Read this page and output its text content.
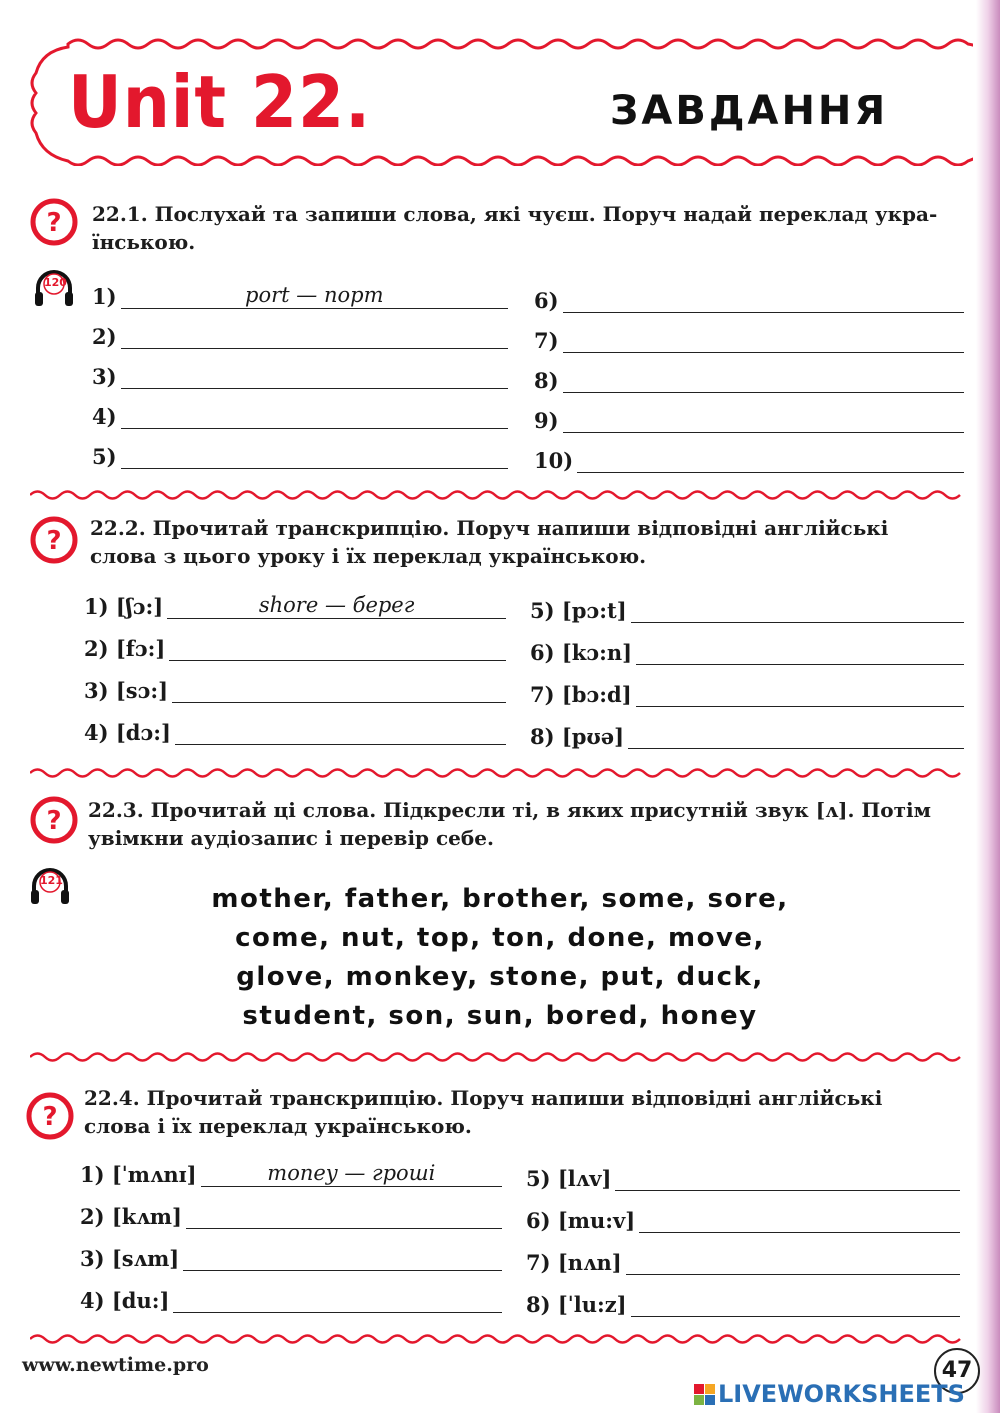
Unit 22.	ЗАВДАННЯ
? 22.1. Послухай та запиши слова, які чуєш. Поруч надай переклад укра-
їнською.
120
1)	port — порт
2)
3)
4)
5)
6)
7)
8)
9)
10)
? 22.2. Прочитай транскрипцію. Поруч напиши відповідні англійські
слова з цього уроку і їх переклад українською.
1) [ʃɔ:]	shore — берег
2) [fɔ:]
3) [sɔ:]
4) [dɔ:]
5) [pɔ:t]
6) [kɔ:n]
7) [bɔ:d]
8) [pʊə]
? 22.3. Прочитай ці слова. Підкресли ті, в яких присутній звук [ʌ]. Потім
увімкни аудіозапис і перевір себе.
121
mother, father, brother, some, sore,
come, nut, top, ton, done, move,
glove, monkey, stone, put, duck,
student, son, sun, bored, honey
?
22.4. Прочитай транскрипцію. Поруч напиши відповідні англійські
слова і їх переклад українською.
1) [ˈmʌnɪ]	money — гроші
2) [kʌm]
3) [sʌm]
4) [du:]
5) [lʌv]
6) [mu:v]
7) [nʌn]
8) [ˈlu:z]
www.newtime.pro	47
LIVEWORKSHEETS
